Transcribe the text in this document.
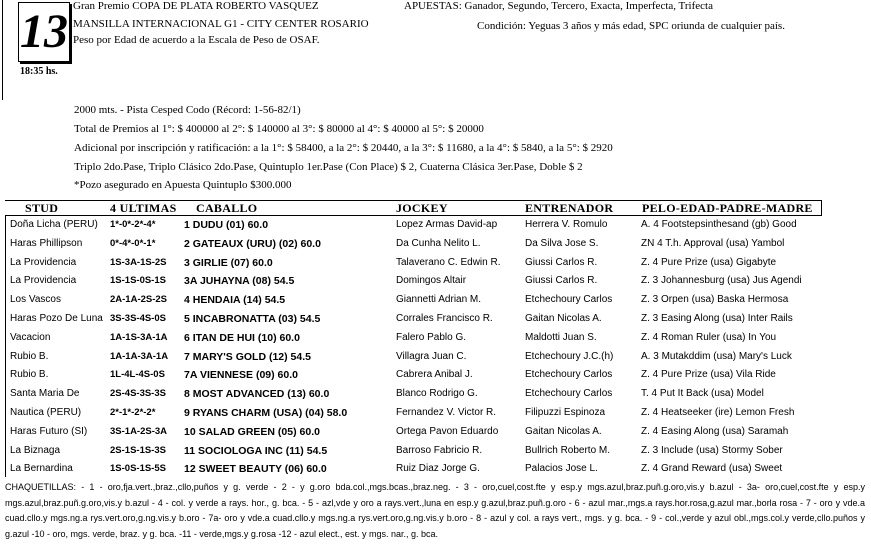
13
18:35 hs.
Gran Premio COPA DE PLATA ROBERTO VASQUEZ
MANSILLA INTERNACIONAL G1 - CITY CENTER ROSARIO
Peso por Edad de acuerdo a la Escala de Peso de OSAF.
APUESTAS: Ganador, Segundo, Tercero, Exacta, Imperfecta, Trifecta
Condición: Yeguas 3 años y más edad, SPC oriunda de cualquier país.
2000 mts. - Pista Cesped Codo (Récord: 1-56-82/1)
Total de Premios al 1°: $ 400000 al 2°: $ 140000 al 3°: $ 80000 al 4°: $ 40000 al 5°: $ 20000
Adicional por inscripción y ratificación: a la 1°: $ 58400, a la 2°: $ 20440, a la 3°: $ 11680, a la 4°: $ 5840, a la 5°: $ 2920
Triplo 2do.Pase, Triplo Clásico 2do.Pase, Quintuplo 1er.Pase (Con Place) $ 2, Cuaterna Clásica 3er.Pase, Doble $ 2
*Pozo asegurado en Apuesta Quintuplo $300.000
STUD	4 ULTIMAS CABALLO	JOCKEY	ENTRENADOR PELO-EDAD-PADRE-MADRE
Doña Licha (PERU)	1*-0*-2*-4*	1 DUDU (01) 60.0	Lopez Armas David-ap	Herrera V. Romulo	A. 4 Footstepsinthesand (gb) Good
Haras Phillipson	0*-4*-0*-1*	2 GATEAUX (URU) (02) 60.0	Da Cunha Nelito L.	Da Silva Jose S.	ZN 4 T.h. Approval (usa) Yambol
La Providencia	1S-3A-1S-2S	3 GIRLIE (07) 60.0	Talaverano C. Edwin R.	Giussi Carlos R.	Z. 4 Pure Prize (usa) Gigabyte
La Providencia	1S-1S-0S-1S	3A JUHAYNA (08) 54.5	Domingos Altair	Giussi Carlos R.	Z. 3 Johannesburg (usa) Jus Agendi
Los Vascos	2A-1A-2S-2S	4 HENDAIA (14) 54.5	Giannetti Adrian M.	Etchechoury Carlos	Z. 3 Orpen (usa) Baska Hermosa
Haras Pozo De Luna 3S-3S-4S-0S	5 INCABRONATTA (03) 54.5	Corrales Francisco R.	Gaitan Nicolas A.	Z. 3 Easing Along (usa) Inter Rails
Vacacion	1A-1S-3A-1A	6 ITAN DE HUI (10) 60.0	Falero Pablo G.	Maldotti Juan S.	Z. 4 Roman Ruler (usa) In You
Rubio B.	1A-1A-3A-1A	7 MARY'S GOLD (12) 54.5	Villagra Juan C.	Etchechoury J.C.(h)	A. 3 Mutakddim (usa) Mary's Luck
Rubio B.	1L-4L-4S-0S	7A VIENNESE (09) 60.0	Cabrera Anibal J.	Etchechoury Carlos	Z. 4 Pure Prize (usa) Vila Ride
Santa Maria De	2S-4S-3S-3S	8 MOST ADVANCED (13) 60.0	Blanco Rodrigo G.	Etchechoury Carlos	T. 4 Put It Back (usa) Model
Nautica (PERU)	2*-1*-2*-2*	9 RYANS CHARM (USA) (04) 58.0	Fernandez V. Victor R.	Filipuzzi Espinoza	Z. 4 Heatseeker (ire) Lemon Fresh
Haras Futuro (SI)	3S-1A-2S-3A	10 SALAD GREEN (05) 60.0	Ortega Pavon Eduardo	Gaitan Nicolas A.	Z. 4 Easing Along (usa) Saramah
La Biznaga	2S-1S-1S-3S	11 SOCIOLOGA INC (11) 54.5	Barroso Fabricio R.	Bullrich Roberto M.	Z. 3 Include (usa) Stormy Sober
La Bernardina	1S-0S-1S-5S	12 SWEET BEAUTY (06) 60.0	Ruiz Diaz Jorge G.	Palacios Jose L.	Z. 4 Grand Reward (usa) Sweet
CHAQUETILLAS: - 1 - oro,fja.vert.,braz.,cllo,puños y g. verde - 2 - y g.oro bda.col.,mgs.bcas.,braz.neg. - 3 - oro,cuel,cost.fte y esp.y mgs.azul,braz.puñ.g.oro,vis.y b.azul - 3a- oro,cuel,cost.fte y esp.y mgs.azul,braz.puñ.g.oro,vis.y b.azul - 4 - col. y verde a rays. hor., g. bca. - 5 - azl,vde y oro a rays.vert.,luna en esp.y g.azul,braz.puñ.g.oro - 6 - azul mar.,mgs.a rays.hor.rosa,g.azul mar.,borla rosa - 7 - oro y vde.a cuad.cllo.y mgs.ng.a rys.vert.oro,g.ng.vis.y b.oro - 7a- oro y vde.a cuad.cllo.y mgs.ng.a rys.vert.oro,g.ng.vis.y b.oro - 8 - azul y col. a rays vert., mgs. y g. bca. - 9 - col.,verde y azul obl.,mgs.col.y verde,cllo.puños y g.azul -10 - oro, mgs. verde, braz. y g. bca. -11 - verde,mgs.y g.rosa -12 - azul elect., est. y mgs. nar., g. bca.
